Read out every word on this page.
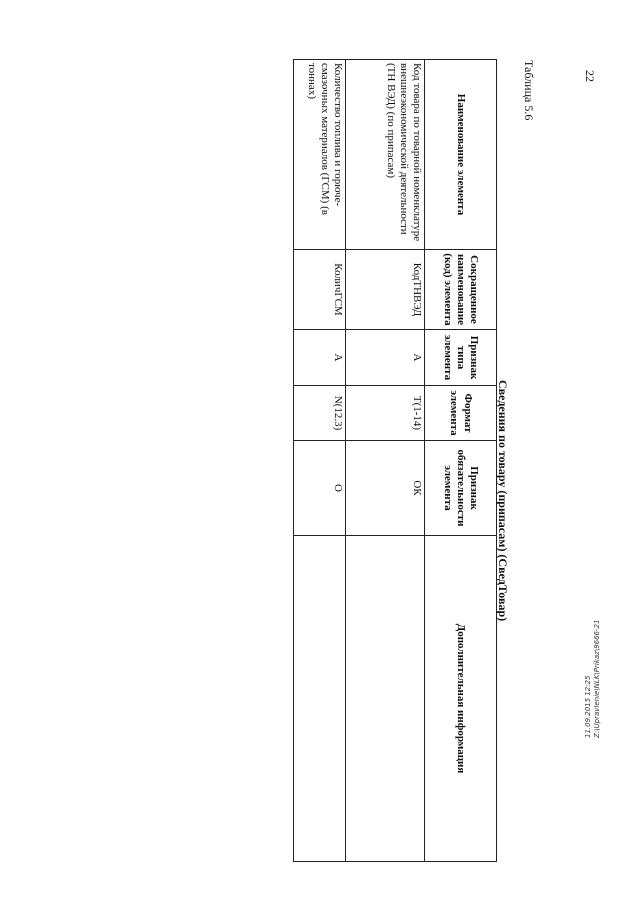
22
Таблица 5.6
Сведения по товару (припасам) (СведТовар)
Наименование элемента	Сокращенное наименование (код) элемента	Признак типа элемента	Формат элемента	Признак обязательности элемента	Дополнительная информация
Код товара по товарной номенклатуре внешнеэкономической деятельности (ТН ВЭД) (по припасам)	КодТНВЭД	А	T(1-14)	ОК	
Количество топлива и горюче-смазочных материалов (ГСМ) (в тоннах)	КоличГСМ	А	N(12.3)	О	
11.09.2015 12:25 Z:\Upravlenie\NLK\Prikaz\9666-21
